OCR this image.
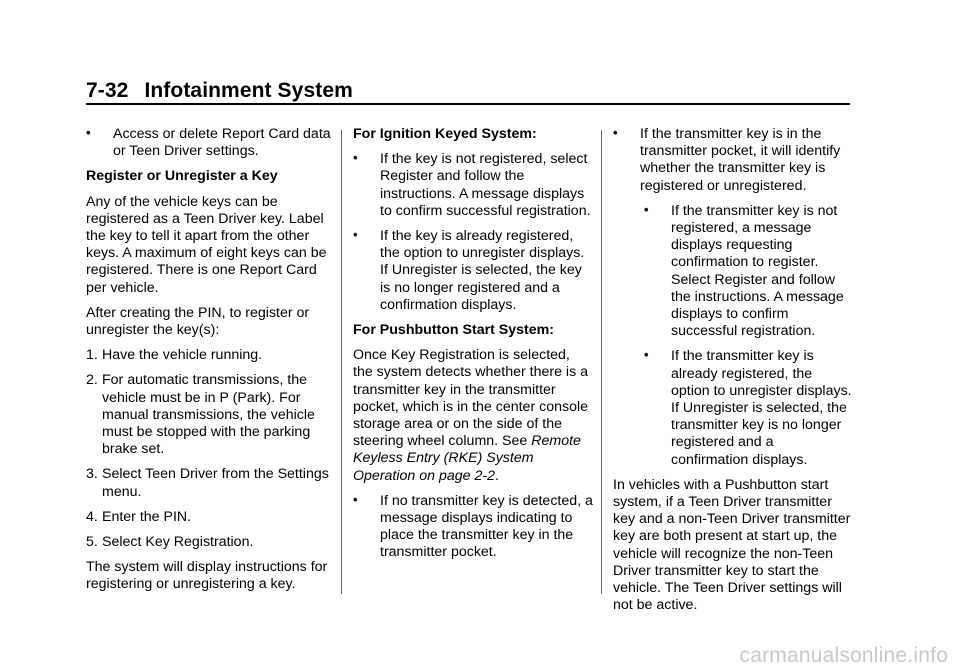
7-32 Infotainment System
• Access or delete Report Card data or Teen Driver settings.

Register or Unregister a Key

Any of the vehicle keys can be registered as a Teen Driver key. Label the key to tell it apart from the other keys. A maximum of eight keys can be registered. There is one Report Card per vehicle.

After creating the PIN, to register or unregister the key(s):

1. Have the vehicle running.
2. For automatic transmissions, the vehicle must be in P (Park). For manual transmissions, the vehicle must be stopped with the parking brake set.
3. Select Teen Driver from the Settings menu.
4. Enter the PIN.
5. Select Key Registration.

The system will display instructions for registering or unregistering a key.

For Ignition Keyed System:

• If the key is not registered, select Register and follow the instructions. A message displays to confirm successful registration.
• If the key is already registered, the option to unregister displays. If Unregister is selected, the key is no longer registered and a confirmation displays.

For Pushbutton Start System:

Once Key Registration is selected, the system detects whether there is a transmitter key in the transmitter pocket, which is in the center console storage area or on the side of the steering wheel column. See Remote Keyless Entry (RKE) System Operation on page 2-2.

• If no transmitter key is detected, a message displays indicating to place the transmitter key in the transmitter pocket.
• If the transmitter key is in the transmitter pocket, it will identify whether the transmitter key is registered or unregistered.
• If the transmitter key is not registered, a message displays requesting confirmation to register. Select Register and follow the instructions. A message displays to confirm successful registration.
• If the transmitter key is already registered, the option to unregister displays. If Unregister is selected, the transmitter key is no longer registered and a confirmation displays.

In vehicles with a Pushbutton start system, if a Teen Driver transmitter key and a non-Teen Driver transmitter key are both present at start up, the vehicle will recognize the non-Teen Driver transmitter key to start the vehicle. The Teen Driver settings will not be active.

carmanualsonline.info
